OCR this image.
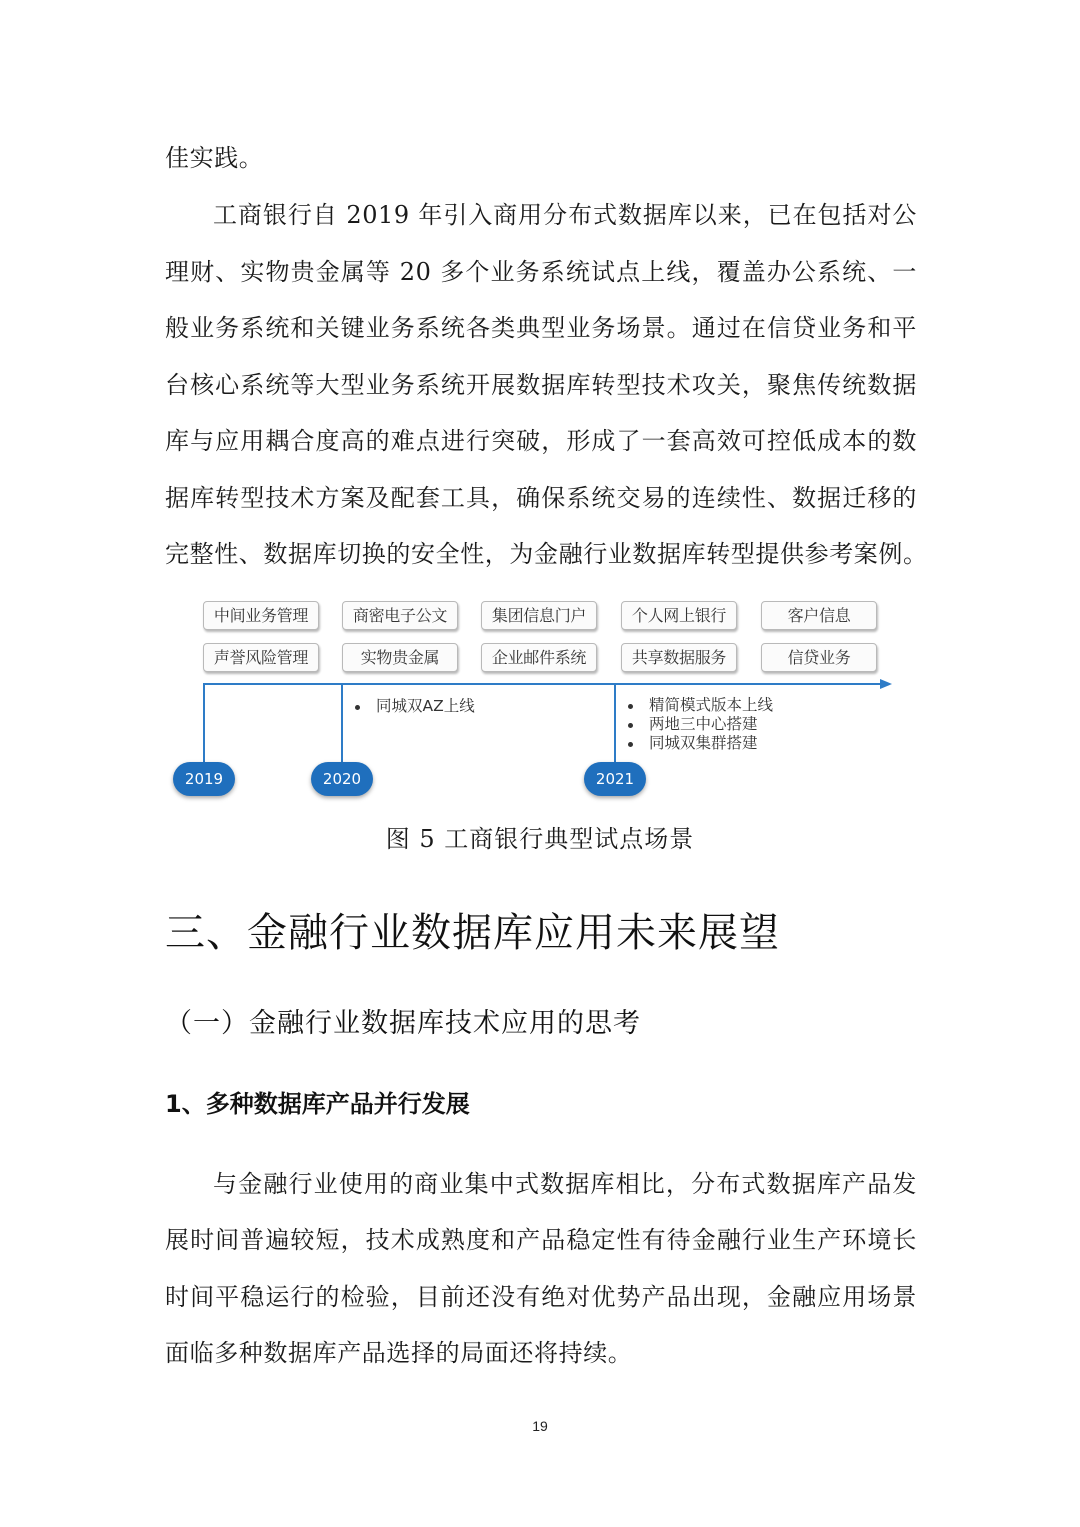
佳实践。
工商银行自 2019 年引入商用分布式数据库以来，已在包括对公
理财、实物贵金属等 20 多个业务系统试点上线，覆盖办公系统、一
般业务系统和关键业务系统各类典型业务场景。通过在信贷业务和平
台核心系统等大型业务系统开展数据库转型技术攻关，聚焦传统数据
库与应用耦合度高的难点进行突破，形成了一套高效可控低成本的数
据库转型技术方案及配套工具，确保系统交易的连续性、数据迁移的
完整性、数据库切换的安全性，为金融行业数据库转型提供参考案例。
中间业务管理	商密电子公文	集团信息门户	个人网上银行	客户信息
声誉风险管理	实物贵金属	企业邮件系统	共享数据服务	信贷业务
同城双AZ上线	精简模式版本上线
两地三中心搭建
同城双集群搭建
2019	2020	2021
图 5 工商银行典型试点场景
三、金融行业数据库应用未来展望
（一）金融行业数据库技术应用的思考
1、多种数据库产品并行发展
与金融行业使用的商业集中式数据库相比，分布式数据库产品发
展时间普遍较短，技术成熟度和产品稳定性有待金融行业生产环境长
时间平稳运行的检验，目前还没有绝对优势产品出现，金融应用场景
面临多种数据库产品选择的局面还将持续。
19
